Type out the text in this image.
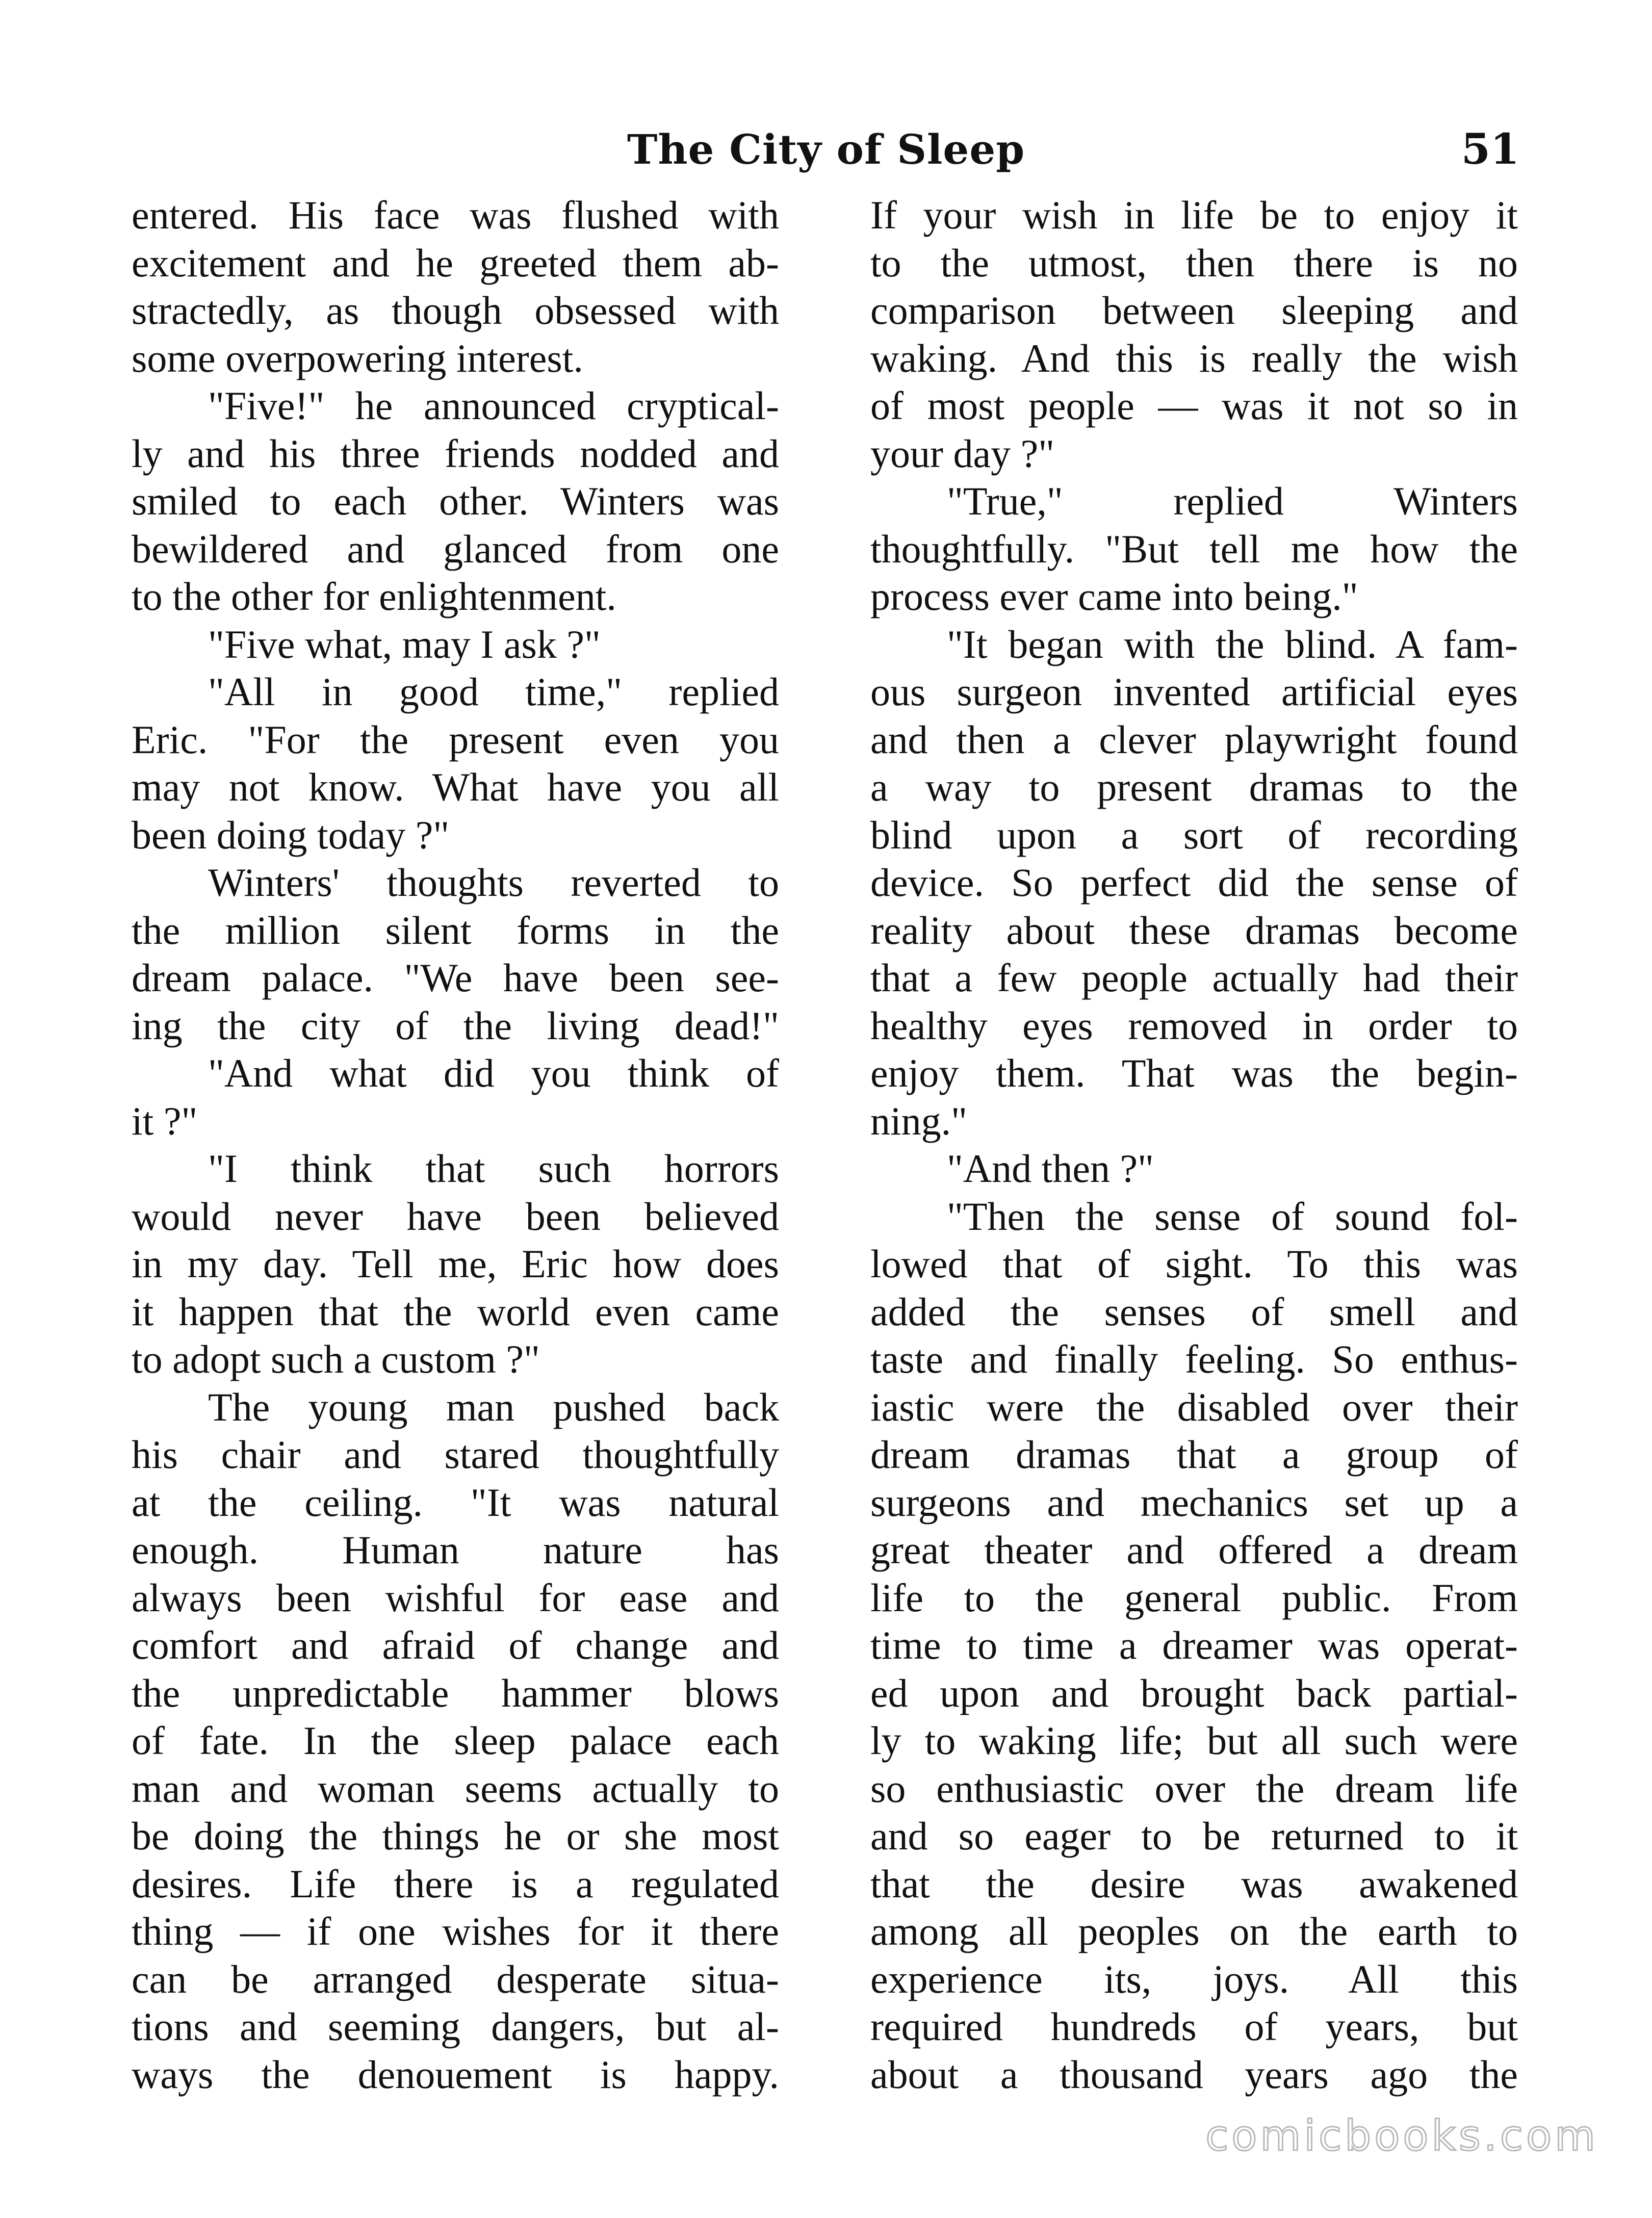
The City of Sleep	51
entered. His face was flushed with
excitement and he greeted them ab-
stractedly, as though obsessed with
some overpowering interest.
"Five!" he announced cryptical-
ly and his three friends nodded and
smiled to each other. Winters was
bewildered and glanced from one
to the other for enlightenment.
"Five what, may I ask ?"
"All in good time," replied
Eric. "For the present even you
may not know. What have you all
been doing today ?"
Winters' thoughts reverted to
the million silent forms in the
dream palace. "We have been see-
ing the city of the living dead!"
"And what did you think of
it ?"
"I think that such horrors
would never have been believed
in my day. Tell me, Eric how does
it happen that the world even came
to adopt such a custom ?"
The young man pushed back
his chair and stared thoughtfully
at the ceiling. "It was natural
enough. Human nature has
always been wishful for ease and
comfort and afraid of change and
the unpredictable hammer blows
of fate. In the sleep palace each
man and woman seems actually to
be doing the things he or she most
desires. Life there is a regulated
thing — if one wishes for it there
can be arranged desperate situa-
tions and seeming dangers, but al-
ways the denouement is happy.
If your wish in life be to enjoy it
to the utmost, then there is no
comparison between sleeping and
waking. And this is really the wish
of most people — was it not so in
your day ?"
"True," replied Winters
thoughtfully. "But tell me how the
process ever came into being."
"It began with the blind. A fam-
ous surgeon invented artificial eyes
and then a clever playwright found
a way to present dramas to the
blind upon a sort of recording
device. So perfect did the sense of
reality about these dramas become
that a few people actually had their
healthy eyes removed in order to
enjoy them. That was the begin-
ning."
"And then ?"
"Then the sense of sound fol-
lowed that of sight. To this was
added the senses of smell and
taste and finally feeling. So enthus-
iastic were the disabled over their
dream dramas that a group of
surgeons and mechanics set up a
great theater and offered a dream
life to the general public. From
time to time a dreamer was operat-
ed upon and brought back partial-
ly to waking life; but all such were
so enthusiastic over the dream life
and so eager to be returned to it
that the desire was awakened
among all peoples on the earth to
experience its, joys. All this
required hundreds of years, but
about a thousand years ago the
comicbooks.com
